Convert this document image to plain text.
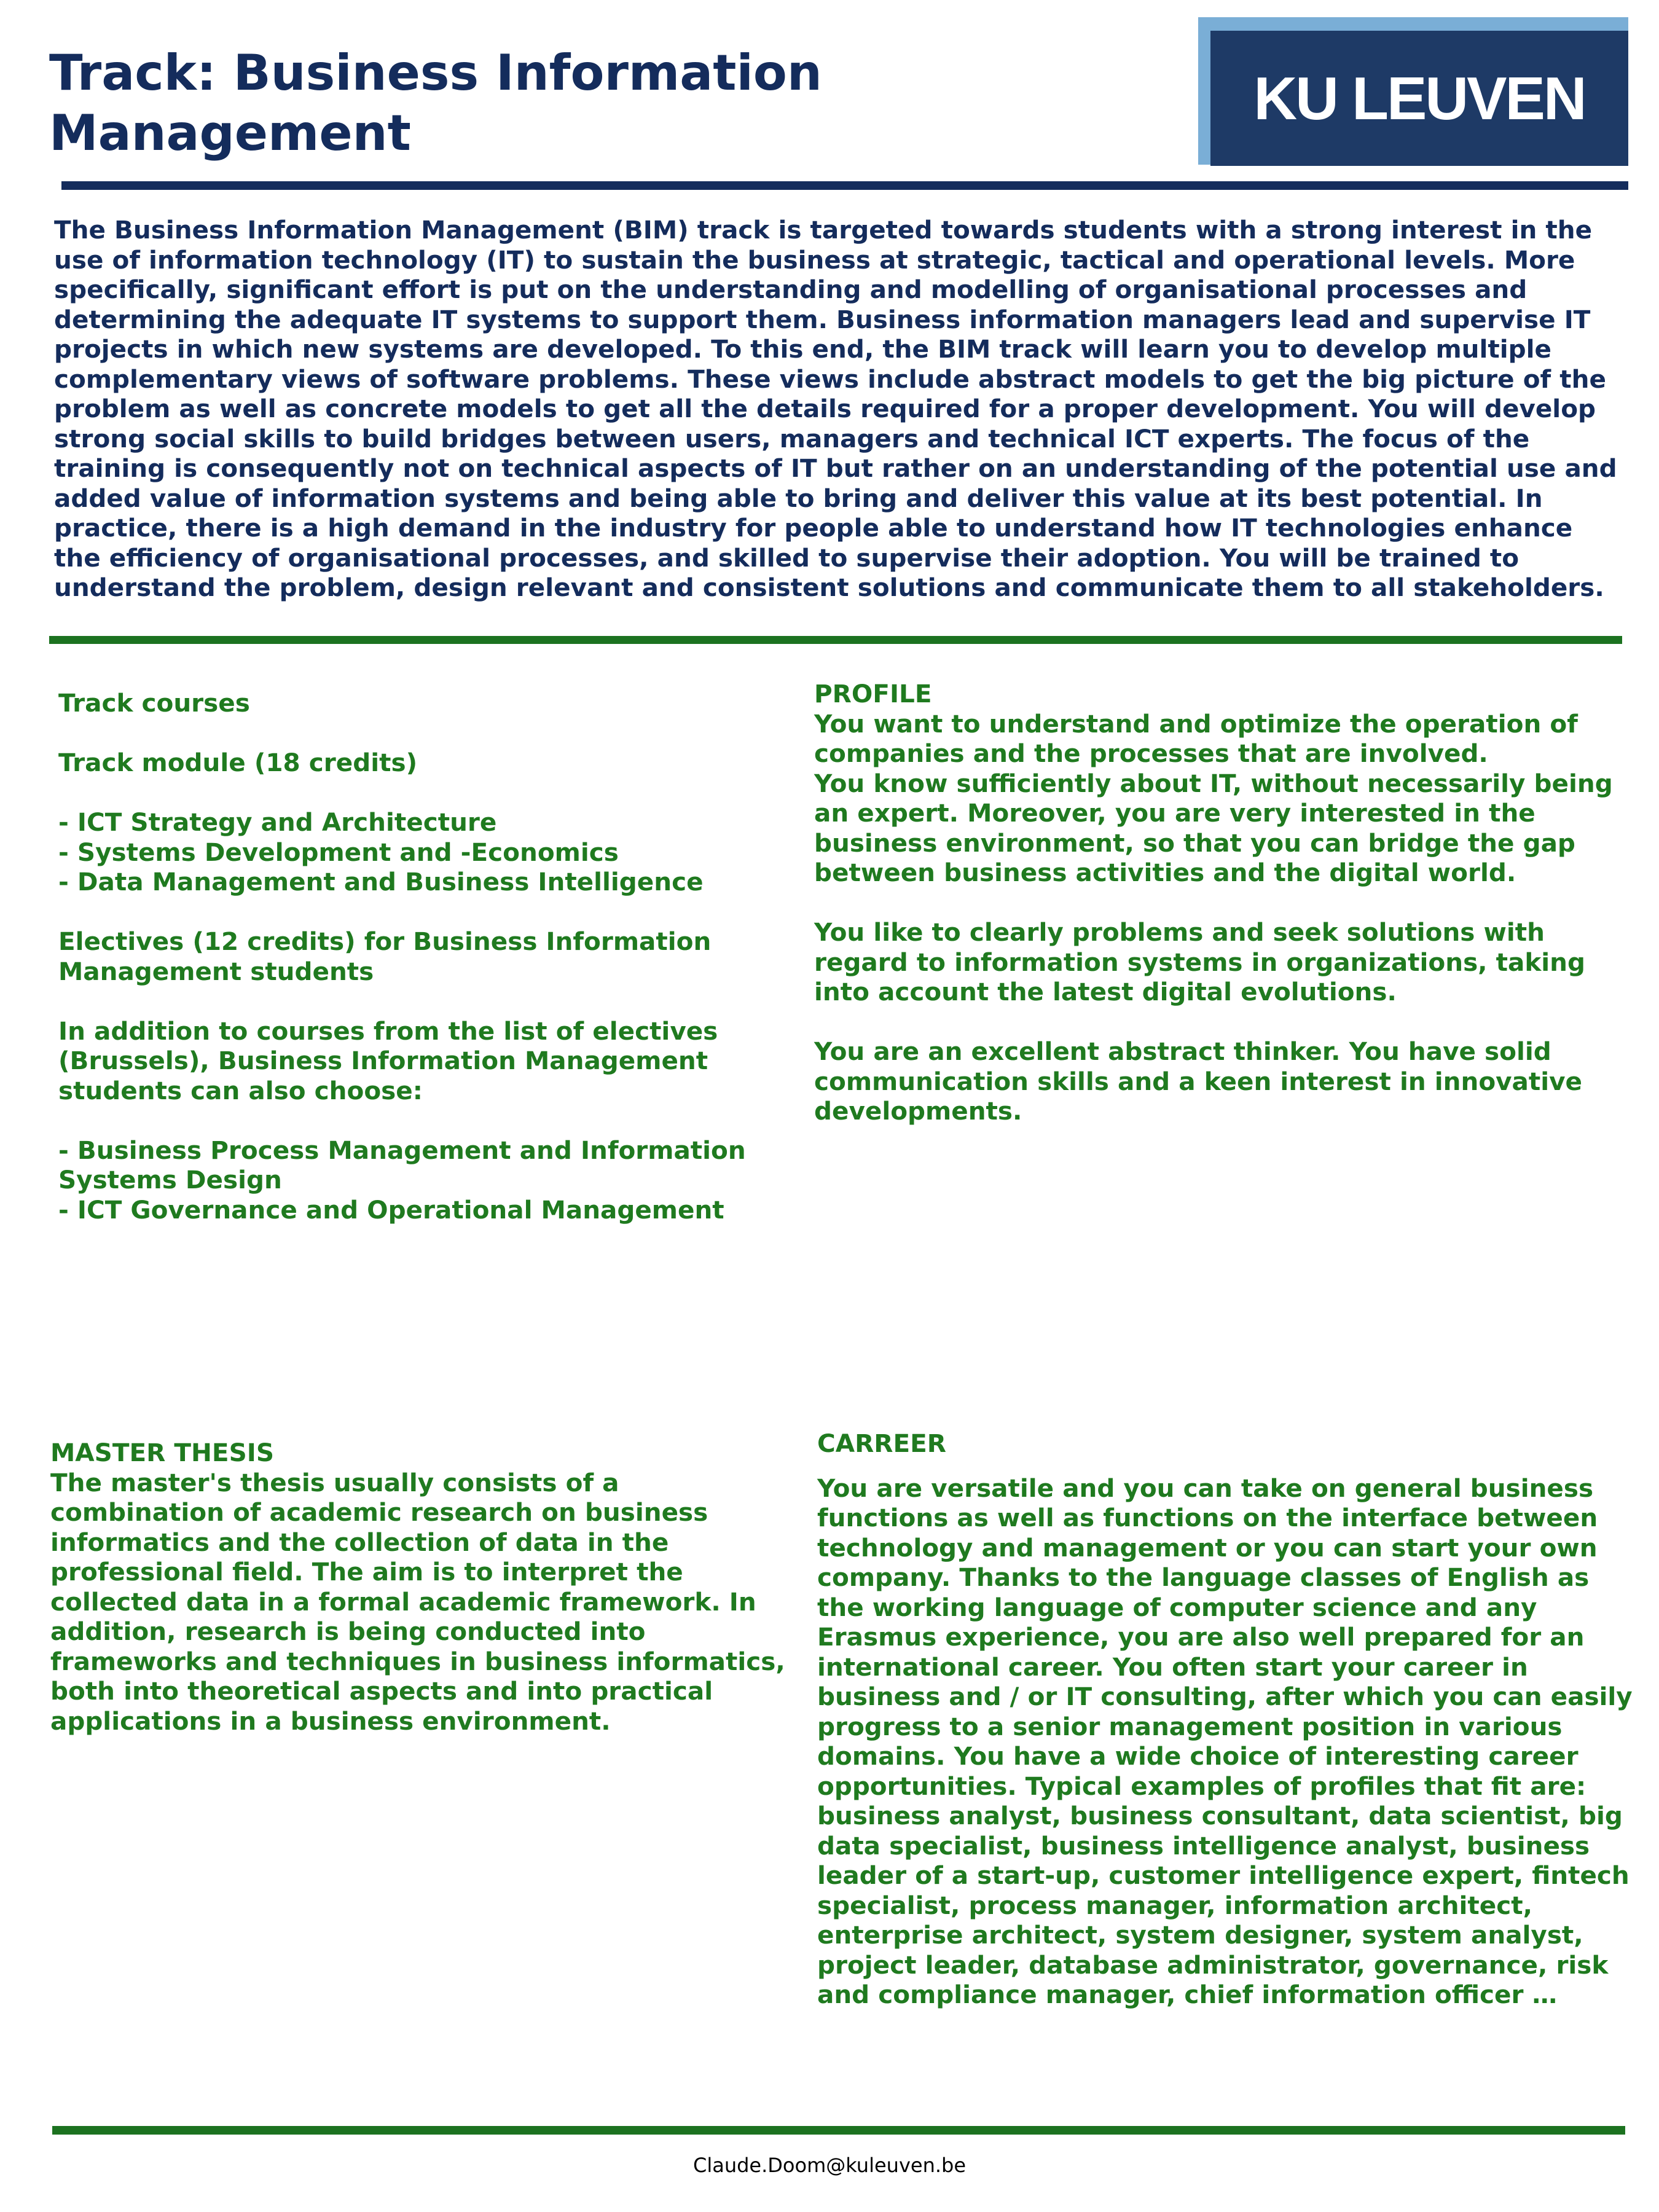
Track: Business Information
Management
KU LEUVEN

The Business Information Management (BIM) track is targeted towards students with a strong interest in the use of information technology (IT) to sustain the business at strategic, tactical and operational levels. More specifically, significant effort is put on the understanding and modelling of organisational processes and determining the adequate IT systems to support them. Business information managers lead and supervise IT projects in which new systems are developed. To this end, the BIM track will learn you to develop multiple complementary views of software problems. These views include abstract models to get the big picture of the problem as well as concrete models to get all the details required for a proper development. You will develop strong social skills to build bridges between users, managers and technical ICT experts. The focus of the training is consequently not on technical aspects of IT but rather on an understanding of the potential use and added value of information systems and being able to bring and deliver this value at its best potential. In practice, there is a high demand in the industry for people able to understand how IT technologies enhance the efficiency of organisational processes, and skilled to supervise their adoption. You will be trained to understand the problem, design relevant and consistent solutions and communicate them to all stakeholders.

Track courses

Track module (18 credits)

- ICT Strategy and Architecture

- Systems Development and -Economics

- Data Management and Business Intelligence

Electives (12 credits) for Business Information Management students

In addition to courses from the list of electives (Brussels), Business Information Management students can also choose:

- Business Process Management and Information Systems Design

- ICT Governance and Operational Management

PROFILE

You want to understand and optimize the operation of companies and the processes that are involved.

You know sufficiently about IT, without necessarily being an expert. Moreover, you are very interested in the business environment, so that you can bridge the gap between business activities and the digital world.

You like to clearly problems and seek solutions with regard to information systems in organizations, taking into account the latest digital evolutions.

You are an excellent abstract thinker. You have solid communication skills and a keen interest in innovative developments.

MASTER THESIS

The master's thesis usually consists of a combination of academic research on business informatics and the collection of data in the professional field. The aim is to interpret the collected data in a formal academic framework. In addition, research is being conducted into frameworks and techniques in business informatics, both into theoretical aspects and into practical applications in a business environment.

CARREER

You are versatile and you can take on general business functions as well as functions on the interface between technology and management or you can start your own company. Thanks to the language classes of English as the working language of computer science and any Erasmus experience, you are also well prepared for an international career. You often start your career in business and / or IT consulting, after which you can easily progress to a senior management position in various domains. You have a wide choice of interesting career opportunities. Typical examples of profiles that fit are: business analyst, business consultant, data scientist, big data specialist, business intelligence analyst, business leader of a start-up, customer intelligence expert, fintech specialist, process manager, information architect, enterprise architect, system designer, system analyst, project leader, database administrator, governance, risk and compliance manager, chief information officer …

Claude.Doom@kuleuven.be
